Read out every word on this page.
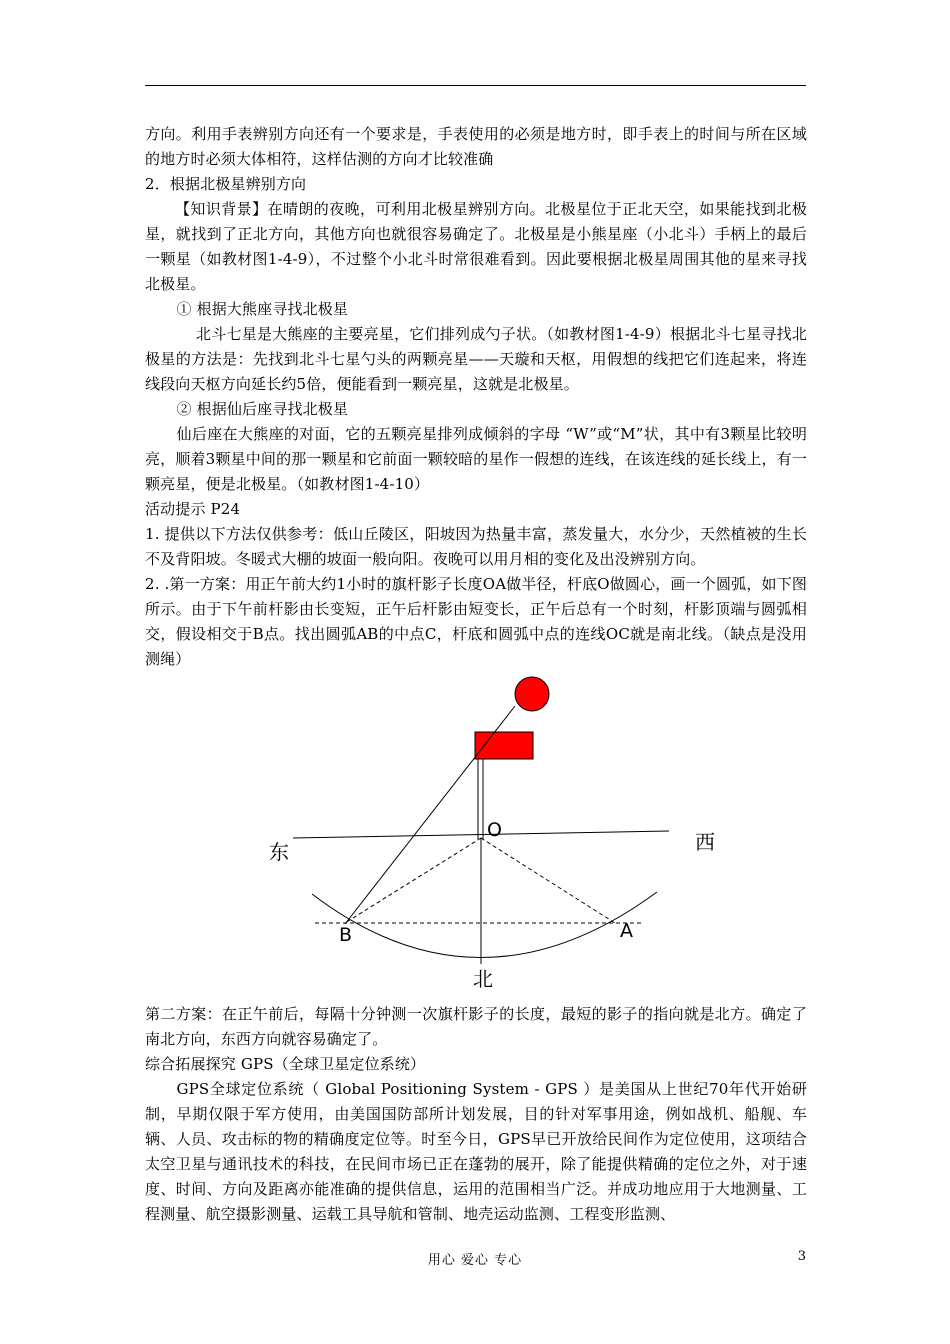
方向。利用手表辨别方向还有一个要求是，手表使用的必须是地方时，即手表上的时间与所在区域的地方时必须大体相符，这样估测的方向才比较准确

2．根据北极星辨别方向

【知识背景】在晴朗的夜晚，可利用北极星辨别方向。北极星位于正北天空，如果能找到北极星，就找到了正北方向，其他方向也就很容易确定了。北极星是小熊星座（小北斗）手柄上的最后一颗星（如教材图1-4-9），不过整个小北斗时常很难看到。因此要根据北极星周围其他的星来寻找北极星。

① 根据大熊座寻找北极星

北斗七星是大熊座的主要亮星，它们排列成勺子状。（如教材图1-4-9）根据北斗七星寻找北极星的方法是：先找到北斗七星勺头的两颗亮星——天璇和天枢，用假想的线把它们连起来，将连线段向天枢方向延长约5倍，便能看到一颗亮星，这就是北极星。

② 根据仙后座寻找北极星

仙后座在大熊座的对面，它的五颗亮星排列成倾斜的字母 “W”或“M”状，其中有3颗星比较明亮，顺着3颗星中间的那一颗星和它前面一颗较暗的星作一假想的连线，在该连线的延长线上，有一颗亮星，便是北极星。（如教材图1-4-10）

活动提示 P24

1. 提供以下方法仅供参考：低山丘陵区，阳坡因为热量丰富，蒸发量大，水分少，天然植被的生长不及背阳坡。冬暖式大棚的坡面一般向阳。夜晚可以用月相的变化及出没辨别方向。

2. .第一方案：用正午前大约1小时的旗杆影子长度OA做半径，杆底O做圆心，画一个圆弧，如下图所示。由于下午前杆影由长变短，正午后杆影由短变长，正午后总有一个时刻，杆影顶端与圆弧相交，假设相交于B点。找出圆弧AB的中点C，杆底和圆弧中点的连线OC就是南北线。（缺点是没用测绳）

东	西
北
O
A
B

第二方案：在正午前后，每隔十分钟测一次旗杆影子的长度，最短的影子的指向就是北方。确定了南北方向，东西方向就容易确定了。

综合拓展探究 GPS（全球卫星定位系统）

GPS全球定位系统（ Global Positioning System - GPS ）是美国从上世纪70年代开始研制，早期仅限于军方使用，由美国国防部所计划发展，目的针对军事用途，例如战机、船舰、车辆、人员、攻击标的物的精确度定位等。时至今日，GPS早已开放给民间作为定位使用，这项结合太空卫星与通讯技术的科技，在民间市场已正在蓬勃的展开，除了能提供精确的定位之外，对于速度、时间、方向及距离亦能准确的提供信息，运用的范围相当广泛。并成功地应用于大地测量、工程测量、航空摄影测量、运载工具导航和管制、地壳运动监测、工程变形监测、

用心 爱心 专心	3
